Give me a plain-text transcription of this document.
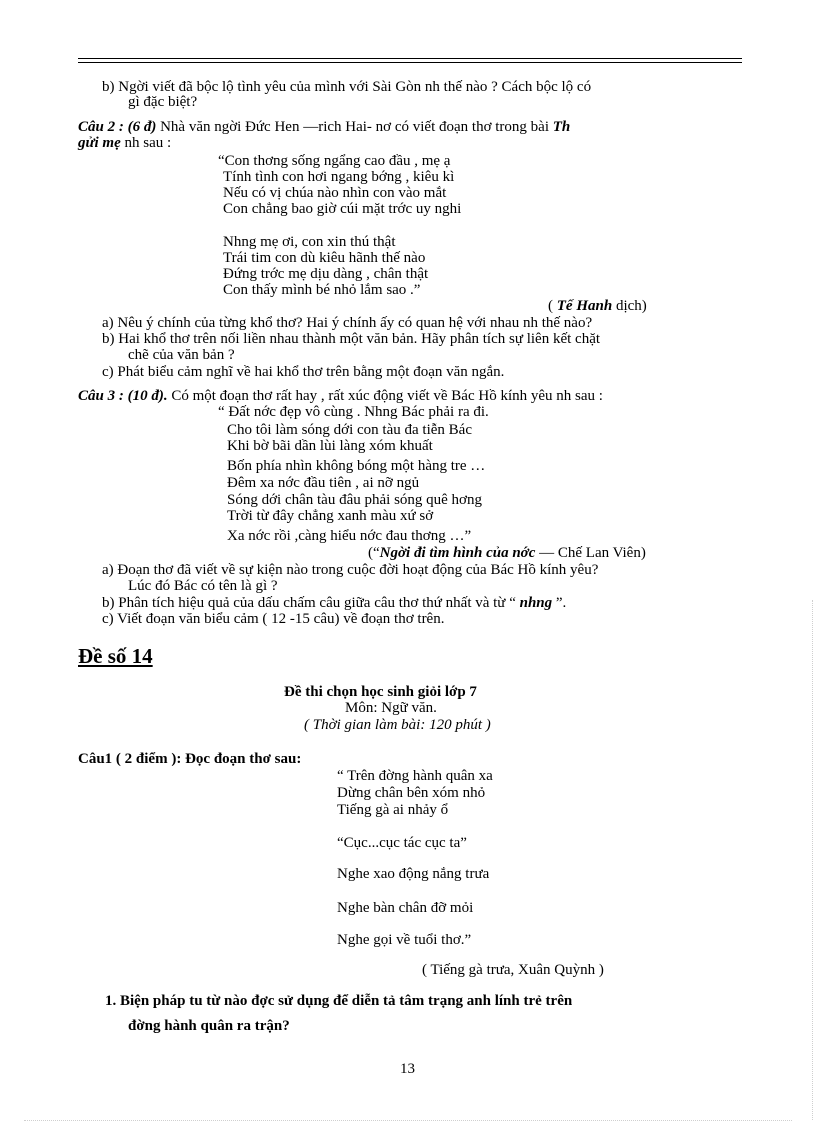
b) Ngời viết đã bộc lộ tình yêu của mình với Sài Gòn nh thế nào ? Cách bộc lộ có
gì đặc biệt?
Câu 2 : (6 đ) Nhà văn ngời Đức Hen —rich Hai- nơ có viết đoạn thơ trong bài Th
gửi mẹ nh sau :
“Con thơng sống ngẩng cao đầu , mẹ ạ
Tính tình con hơi ngang bớng , kiêu kì
Nếu có vị chúa nào nhìn con vào mắt
Con chẳng bao giờ cúi mặt trớc uy nghi
Nhng mẹ ơi, con xin thú thật
Trái tim con dù kiêu hãnh thế nào
Đứng trớc mẹ dịu dàng , chân thật
Con thấy mình bé nhỏ lắm sao .”
( Tế Hanh dịch)
a) Nêu ý chính của từng khổ thơ? Hai ý chính ấy có quan hệ với nhau nh thế nào?
b) Hai khổ thơ trên nối liền nhau thành một văn bản. Hãy phân tích sự liên kết chặt
chẽ của văn bản ?
c) Phát biểu cảm nghĩ về hai khổ thơ trên bằng một đoạn văn ngắn.
Câu 3 : (10 đ). Có một đoạn thơ rất hay , rất xúc động viết về Bác Hồ kính yêu nh sau :
“ Đất nớc đẹp vô cùng . Nhng Bác phải ra đi.
Cho tôi làm sóng dới con tàu đa tiễn Bác
Khi bờ bãi dần lùi làng xóm khuất
Bốn phía nhìn không bóng một hàng tre …
Đêm xa nớc đầu tiên , ai nỡ ngủ
Sóng dới chân tàu đâu phải sóng quê hơng
Trời từ đây chẳng xanh màu xứ sở
Xa nớc rồi ,càng hiểu nớc đau thơng …”
(“Ngời đi tìm hình của nớc — Chế Lan Viên)
a) Đoạn thơ đã viết về sự kiện nào trong cuộc đời hoạt động của Bác Hồ kính yêu?
Lúc đó Bác có tên là gì ?
b) Phân tích hiệu quả của dấu chấm câu giữa câu thơ thứ nhất và từ “ nhng ”.
c) Viết đoạn văn biểu cảm ( 12 -15 câu) về đoạn thơ trên.
Đề số 14
Đề thi chọn học sinh giỏi lớp 7
Môn: Ngữ văn.
( Thời gian làm bài: 120 phút )
Câu1 ( 2 điểm ): Đọc đoạn thơ sau:
“ Trên đờng hành quân xa
Dừng chân bên xóm nhỏ
Tiếng gà ai nhảy ổ
“Cục...cục tác cục ta”
Nghe xao động nắng trưa
Nghe bàn chân đỡ mỏi
Nghe gọi về tuổi thơ.”
( Tiếng gà trưa, Xuân Quỳnh )
1. Biện pháp tu từ nào đợc sử dụng để diễn tả tâm trạng anh lính trẻ trên
đờng hành quân ra trận?
13
